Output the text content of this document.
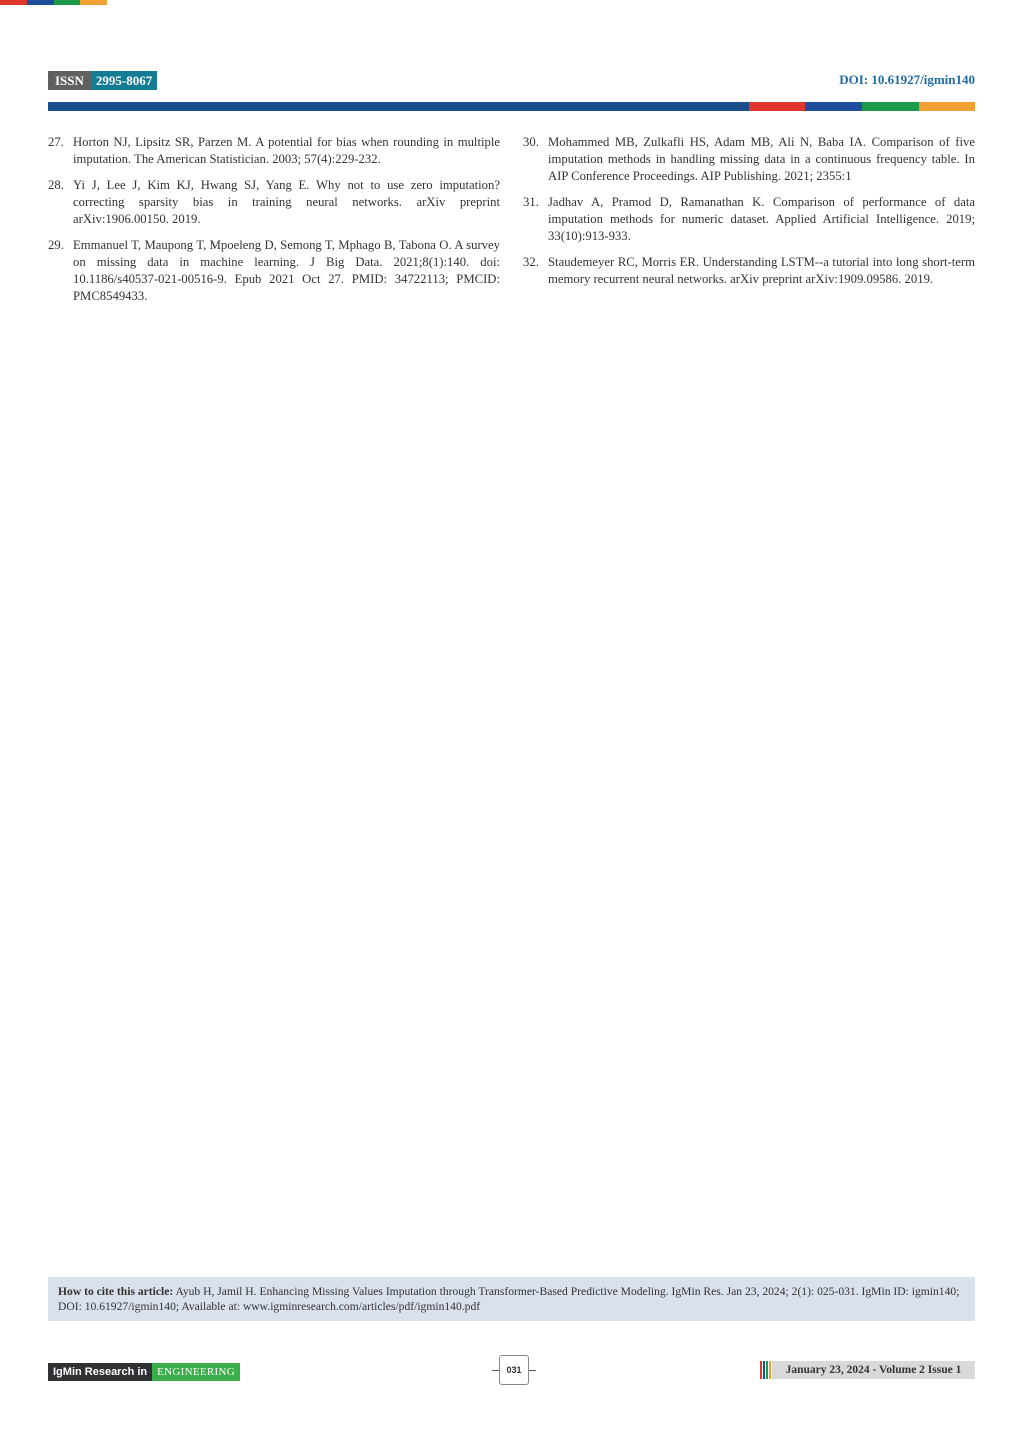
ISSN 2995-8067	DOI: 10.61927/igmin140
27. Horton NJ, Lipsitz SR, Parzen M. A potential for bias when rounding in multiple imputation. The American Statistician. 2003; 57(4):229-232.
28. Yi J, Lee J, Kim KJ, Hwang SJ, Yang E. Why not to use zero imputation? correcting sparsity bias in training neural networks. arXiv preprint arXiv:1906.00150. 2019.
29. Emmanuel T, Maupong T, Mpoeleng D, Semong T, Mphago B, Tabona O. A survey on missing data in machine learning. J Big Data. 2021;8(1):140. doi: 10.1186/s40537-021-00516-9. Epub 2021 Oct 27. PMID: 34722113; PMCID: PMC8549433.
30. Mohammed MB, Zulkafli HS, Adam MB, Ali N, Baba IA. Comparison of five imputation methods in handling missing data in a continuous frequency table. In AIP Conference Proceedings. AIP Publishing. 2021; 2355:1
31. Jadhav A, Pramod D, Ramanathan K. Comparison of performance of data imputation methods for numeric dataset. Applied Artificial Intelligence. 2019; 33(10):913-933.
32. Staudemeyer RC, Morris ER. Understanding LSTM--a tutorial into long short-term memory recurrent neural networks. arXiv preprint arXiv:1909.09586. 2019.
How to cite this article: Ayub H, Jamil H. Enhancing Missing Values Imputation through Transformer-Based Predictive Modeling. IgMin Res. Jan 23, 2024; 2(1): 025-031. IgMin ID: igmin140; DOI: 10.61927/igmin140; Available at: www.igminresearch.com/articles/pdf/igmin140.pdf
IgMin Research in ENGINEERING	031	January 23, 2024 - Volume 2 Issue 1
